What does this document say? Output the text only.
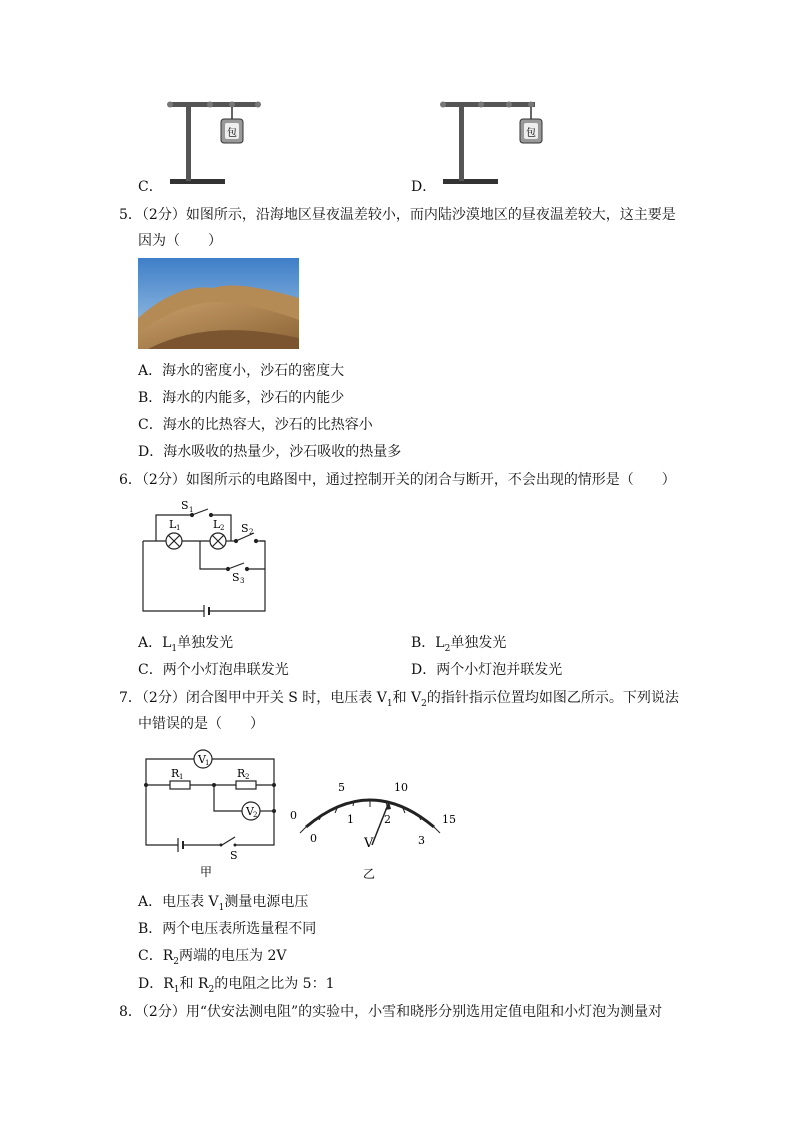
包
C．
包
D．
5．（2分）如图所示，沿海地区昼夜温差较小，而内陆沙漠地区的昼夜温差较大，这主要是
因为（　　）
A．海水的密度小，沙石的密度大
B．海水的内能多，沙石的内能少
C．海水的比热容大，沙石的比热容小
D．海水吸收的热量少，沙石吸收的热量多
6．（2分）如图所示的电路图中，通过控制开关的闭合与断开，不会出现的情形是（　　）
S 1
L 1	L 2 S 2
S 3
A．$L_1$单独发光	B．$L_2$单独发光
C．两个小灯泡串联发光	D．两个小灯泡并联发光
7．（2分）闭合图甲中开关 S 时，电压表 $V_1$和 $V_2$的指针指示位置均如图乙所示。下列说法
中错误的是（　　）
V 1
R 1	R 2
V 2
S
甲
0
5	10
15
0
1	2
3
V
乙
A．电压表 $V_1$测量电源电压
B．两个电压表所选量程不同
C．$R_2$两端的电压为 2V
D．$R_1$和 $R_2$的电阻之比为 5：1
8．（2分）用“伏安法测电阻”的实验中，小雪和晓彤分别选用定值电阻和小灯泡为测量对
